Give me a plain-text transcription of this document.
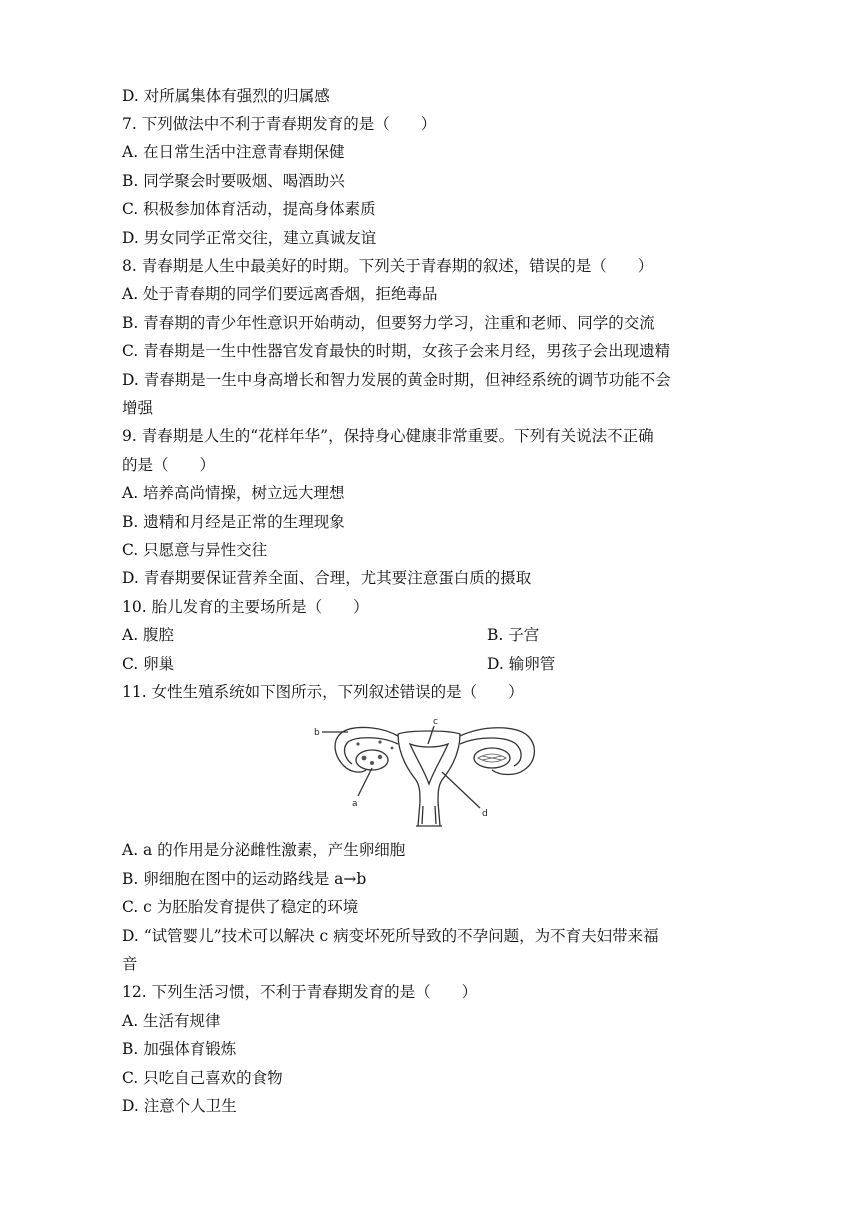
D. 对所属集体有强烈的归属感
7. 下列做法中不利于青春期发育的是（　　）
A. 在日常生活中注意青春期保健
B. 同学聚会时要吸烟、喝酒助兴
C. 积极参加体育活动，提高身体素质
D. 男女同学正常交往，建立真诚友谊
8. 青春期是人生中最美好的时期。下列关于青春期的叙述，错误的是（　　）
A. 处于青春期的同学们要远离香烟，拒绝毒品
B. 青春期的青少年性意识开始萌动，但要努力学习，注重和老师、同学的交流
C. 青春期是一生中性器官发育最快的时期，女孩子会来月经，男孩子会出现遗精
D. 青春期是一生中身高增长和智力发展的黄金时期，但神经系统的调节功能不会
增强
9. 青春期是人生的“花样年华”，保持身心健康非常重要。下列有关说法不正确
的是（　　）
A. 培养高尚情操，树立远大理想
B. 遗精和月经是正常的生理现象
C. 只愿意与异性交往
D. 青春期要保证营养全面、合理，尤其要注意蛋白质的摄取
10. 胎儿发育的主要场所是（　　）
A. 腹腔	B. 子宫
C. 卵巢	D. 输卵管
11. 女性生殖系统如下图所示，下列叙述错误的是（　　）
b
c
a
d
A. a 的作用是分泌雌性激素，产生卵细胞
B. 卵细胞在图中的运动路线是 a→b
C. c 为胚胎发育提供了稳定的环境
D. “试管婴儿”技术可以解决 c 病变坏死所导致的不孕问题，为不育夫妇带来福
音
12. 下列生活习惯，不利于青春期发育的是（　　）
A. 生活有规律
B. 加强体育锻炼
C. 只吃自己喜欢的食物
D. 注意个人卫生
